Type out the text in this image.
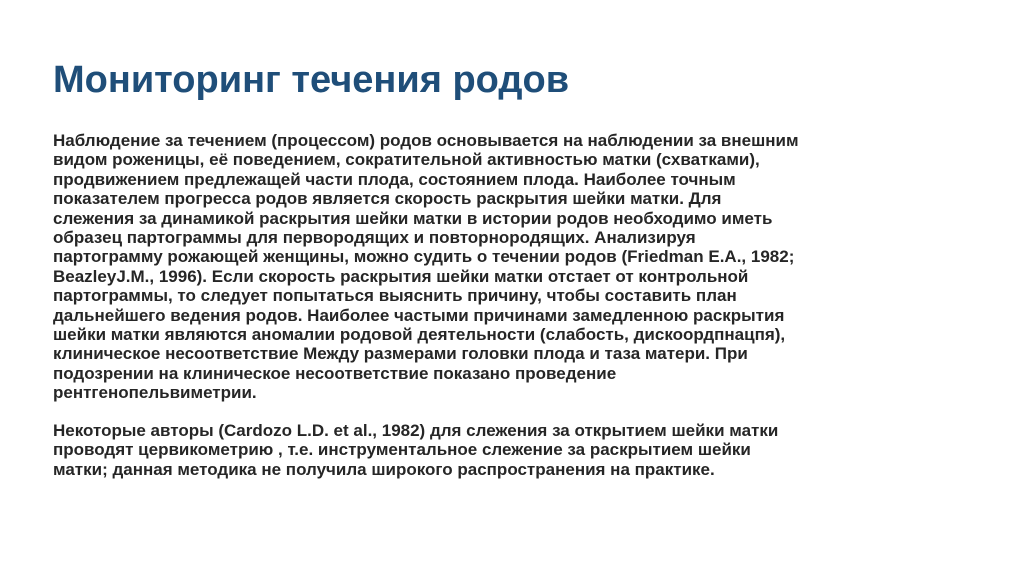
Мониторинг течения родов

Наблюдение за течением (процессом) родов основывается на наблюдении за внешним
видом роженицы, её поведением, сократительной активностью матки (схватками),
продвижением предлежащей части плода, состоянием плода. Наиболее точным
показателем прогресса родов является скорость раскрытия шейки матки. Для
слежения за динамикой раскрытия шейки матки в истории родов необходимо иметь
образец партограммы для первородящих и повторнородящих. Анализируя
партограмму рожающей женщины, можно судить о течении родов (Friedman E.A., 1982;
BeazleyJ.M., 1996). Если скорость раскрытия шейки матки отстает от контрольной
партограммы, то следует попытаться выяснить причину, чтобы составить план
дальнейшего ведения родов. Наиболее частыми причинами замедленною раскрытия
шейки матки являются аномалии родовой деятельности (слабость, дискоордпнацпя),
клиническое несоответствие Между размерами головки плода и таза матери. При
подозрении на клиническое несоответствие показано проведение
рентгенопельвиметрии.

Некоторые авторы (Cardozo L.D. et al., 1982) для слежения за открытием шейки матки
проводят цервикометрию , т.е. инструментальное слежение за раскрытием шейки
матки; данная методика не получила широкого распространения на практике.
